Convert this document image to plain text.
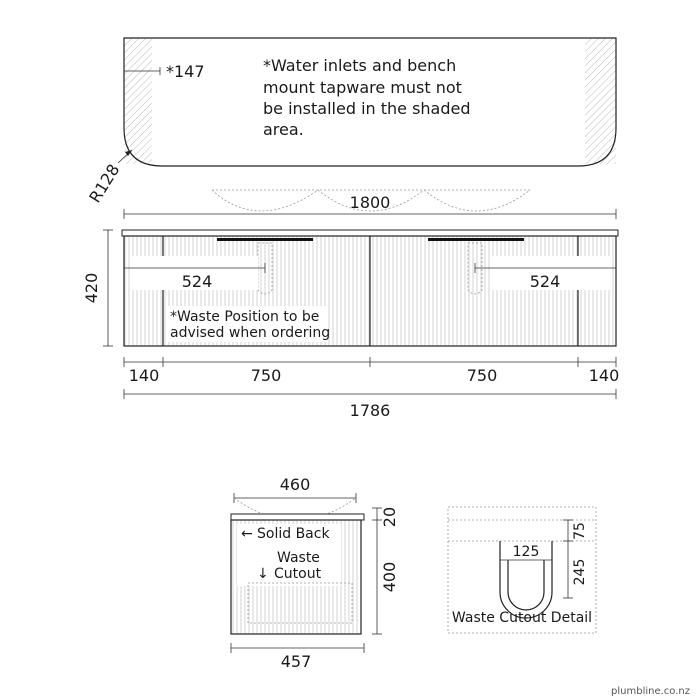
*147	*Water inlets and bench mount tapware must not be installed in the shaded area.
R128	1800
524	524
*Waste Position to be advised when ordering
420
140	750	750	140
1786
460
← Solid Back
Waste
↓ Cutout
20
400
457
125
75
245
Waste Cutout Detail
plumbline.co.nz
